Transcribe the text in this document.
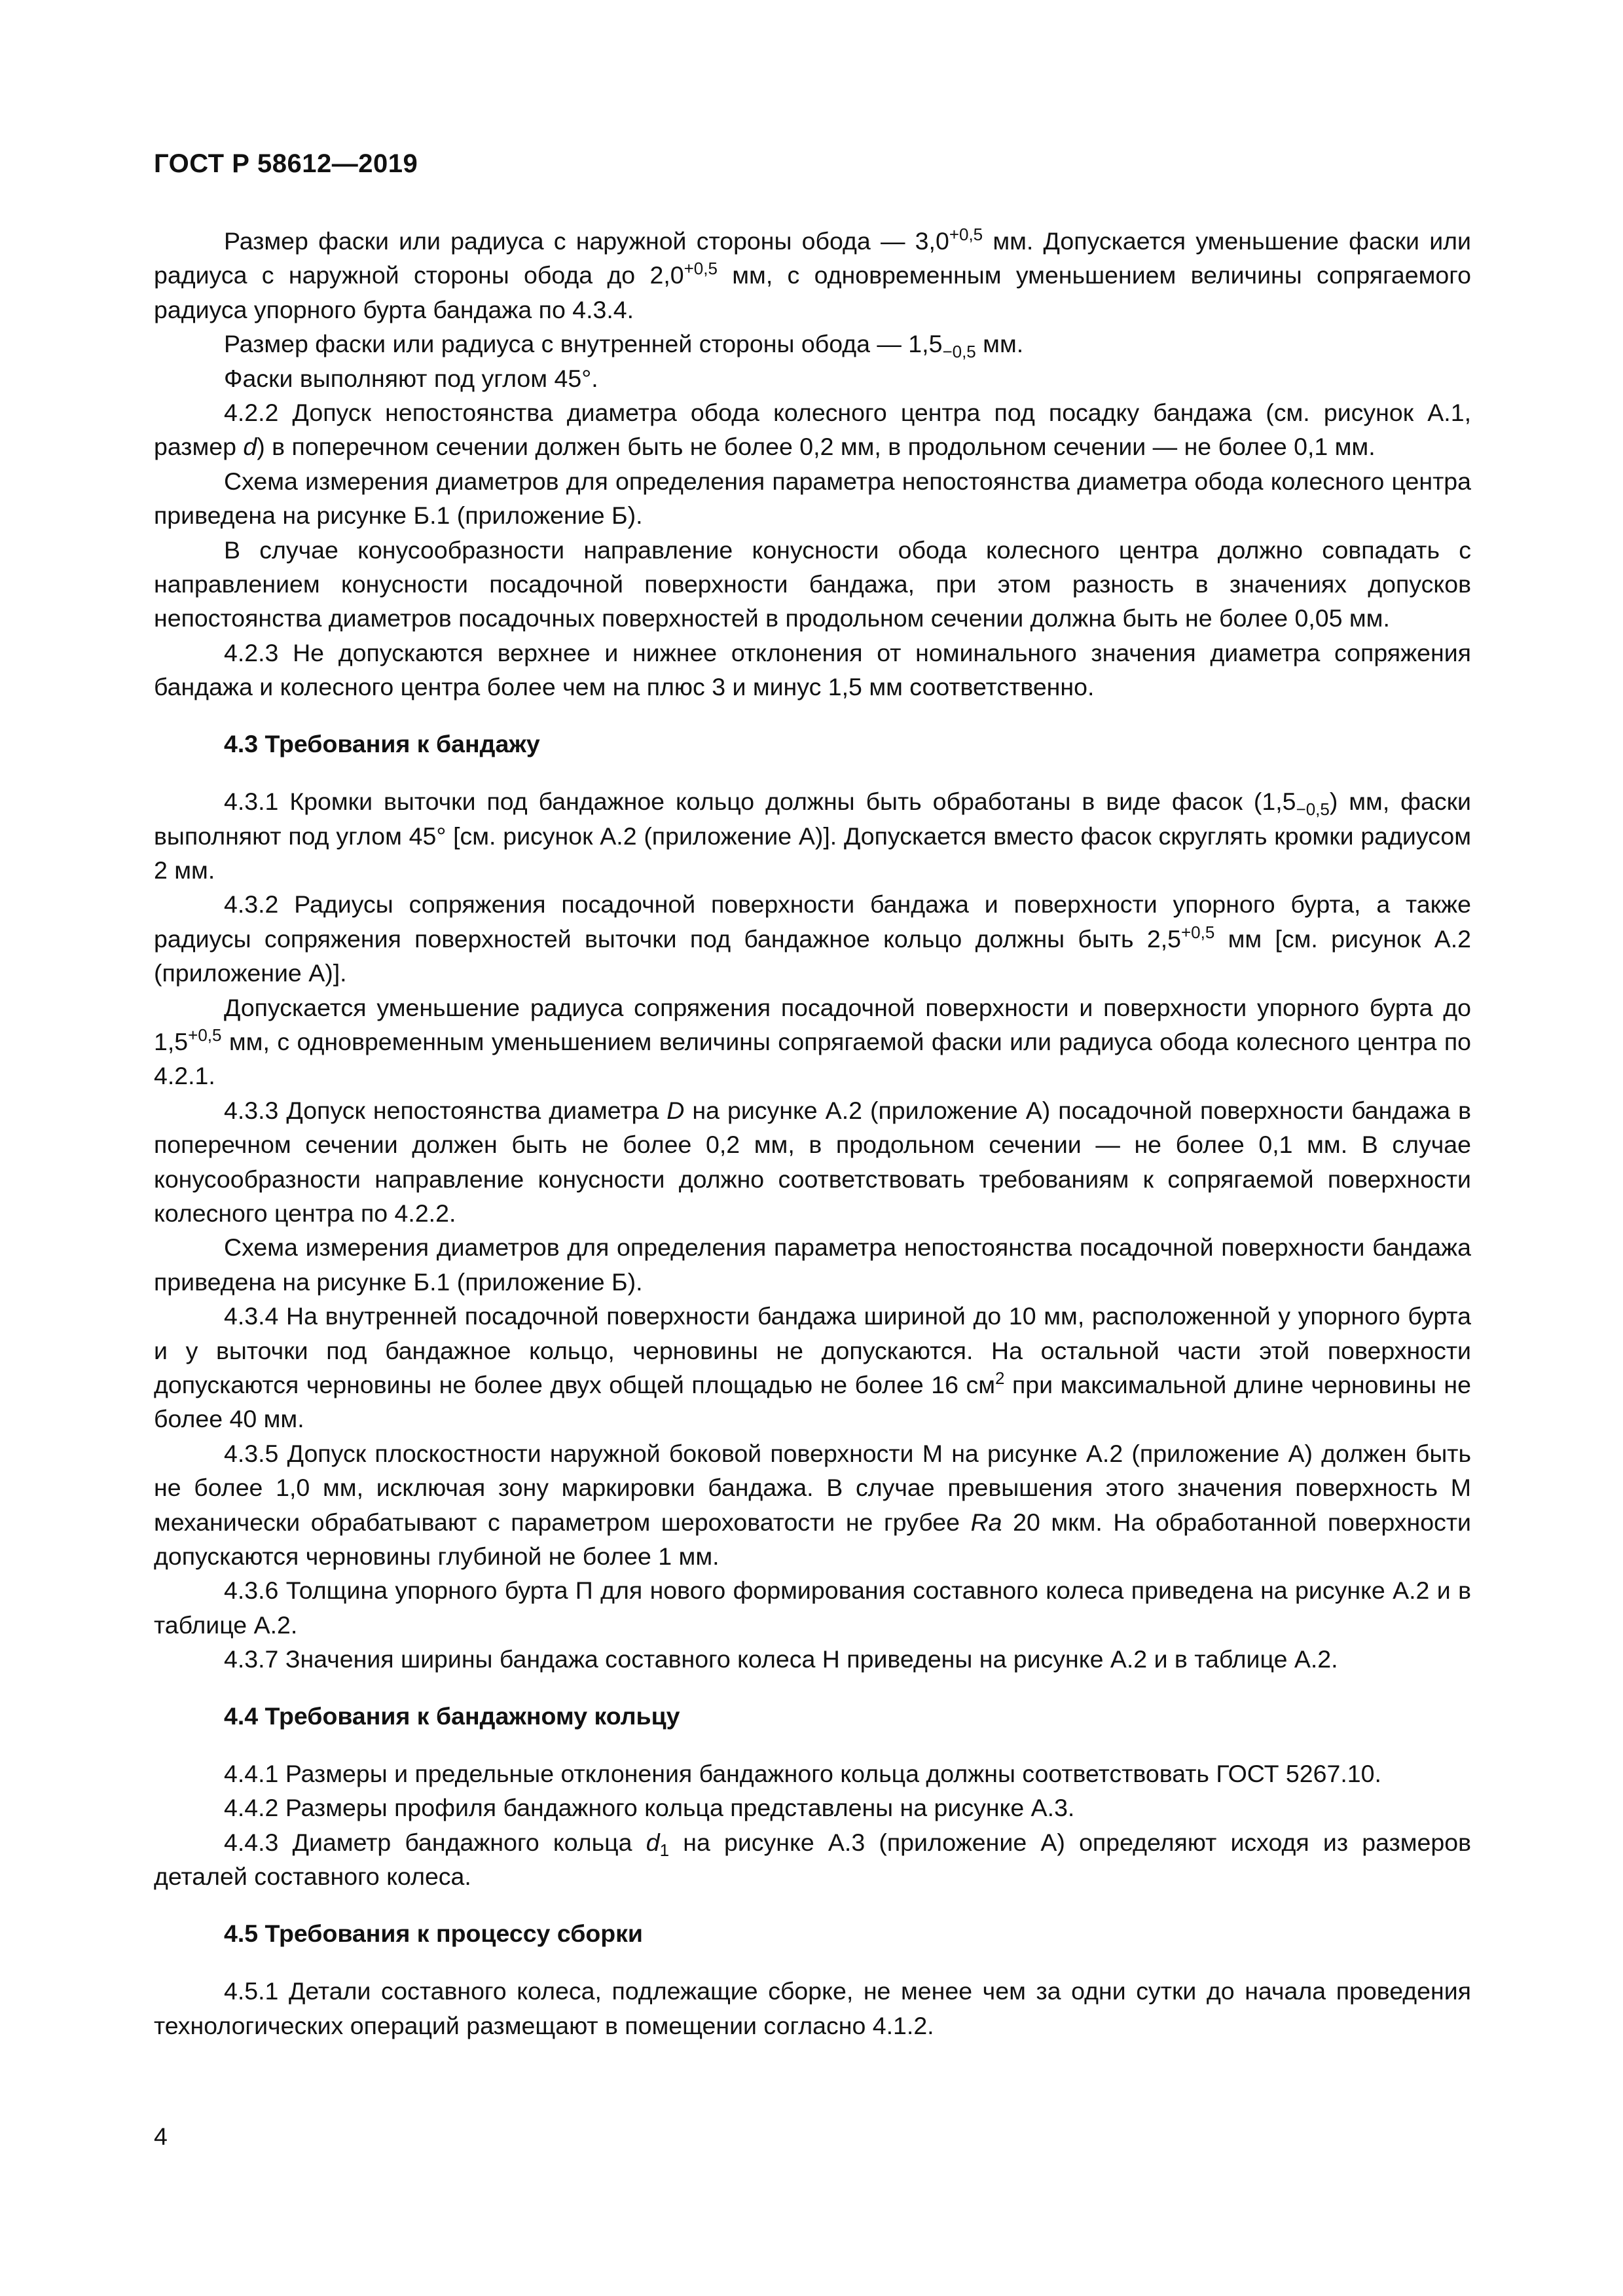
ГОСТ Р 58612—2019

Размер фаски или радиуса с наружной стороны обода — $3,0^{+0,5}$ мм. Допускается уменьшение фаски или радиуса с наружной стороны обода до $2,0^{+0,5}$ мм, с одновременным уменьшением величины сопрягаемого радиуса упорного бурта бандажа по 4.3.4.

Размер фаски или радиуса с внутренней стороны обода — $1,5_{-0,5}$ мм.

Фаски выполняют под углом 45°.

4.2.2 Допуск непостоянства диаметра обода колесного центра под посадку бандажа (см. рисунок А.1, размер d) в поперечном сечении должен быть не более 0,2 мм, в продольном сечении — не более 0,1 мм.

Схема измерения диаметров для определения параметра непостоянства диаметра обода колесного центра приведена на рисунке Б.1 (приложение Б).

В случае конусообразности направление конусности обода колесного центра должно совпадать с направлением конусности посадочной поверхности бандажа, при этом разность в значениях допусков непостоянства диаметров посадочных поверхностей в продольном сечении должна быть не более 0,05 мм.

4.2.3 Не допускаются верхнее и нижнее отклонения от номинального значения диаметра сопряжения бандажа и колесного центра более чем на плюс 3 и минус 1,5 мм соответственно.

4.3 Требования к бандажу

4.3.1 Кромки выточки под бандажное кольцо должны быть обработаны в виде фасок $(1,5_{-0,5})$ мм, фаски выполняют под углом 45° [см. рисунок А.2 (приложение А)]. Допускается вместо фасок скруглять кромки радиусом 2 мм.

4.3.2 Радиусы сопряжения посадочной поверхности бандажа и поверхности упорного бурта, а также радиусы сопряжения поверхностей выточки под бандажное кольцо должны быть $2,5^{+0,5}$ мм [см. рисунок А.2 (приложение А)].

Допускается уменьшение радиуса сопряжения посадочной поверхности и поверхности упорного бурта до $1,5^{+0,5}$ мм, с одновременным уменьшением величины сопрягаемой фаски или радиуса обода колесного центра по 4.2.1.

4.3.3 Допуск непостоянства диаметра D на рисунке А.2 (приложение А) посадочной поверхности бандажа в поперечном сечении должен быть не более 0,2 мм, в продольном сечении — не более 0,1 мм. В случае конусообразности направление конусности должно соответствовать требованиям к сопрягаемой поверхности колесного центра по 4.2.2.

Схема измерения диаметров для определения параметра непостоянства посадочной поверхности бандажа приведена на рисунке Б.1 (приложение Б).

4.3.4 На внутренней посадочной поверхности бандажа шириной до 10 мм, расположенной у упорного бурта и у выточки под бандажное кольцо, черновины не допускаются. На остальной части этой поверхности допускаются черновины не более двух общей площадью не более 16 $см^2$ при максимальной длине черновины не более 40 мм.

4.3.5 Допуск плоскостности наружной боковой поверхности М на рисунке А.2 (приложение А) должен быть не более 1,0 мм, исключая зону маркировки бандажа. В случае превышения этого значения поверхность М механически обрабатывают с параметром шероховатости не грубее Ra 20 мкм. На обработанной поверхности допускаются черновины глубиной не более 1 мм.

4.3.6 Толщина упорного бурта П для нового формирования составного колеса приведена на рисунке А.2 и в таблице А.2.

4.3.7 Значения ширины бандажа составного колеса Н приведены на рисунке А.2 и в таблице А.2.

4.4 Требования к бандажному кольцу

4.4.1 Размеры и предельные отклонения бандажного кольца должны соответствовать ГОСТ 5267.10.

4.4.2 Размеры профиля бандажного кольца представлены на рисунке А.3.

4.4.3 Диаметр бандажного кольца $d_1$ на рисунке А.3 (приложение А) определяют исходя из размеров деталей составного колеса.

4.5 Требования к процессу сборки

4.5.1 Детали составного колеса, подлежащие сборке, не менее чем за одни сутки до начала проведения технологических операций размещают в помещении согласно 4.1.2.

4
